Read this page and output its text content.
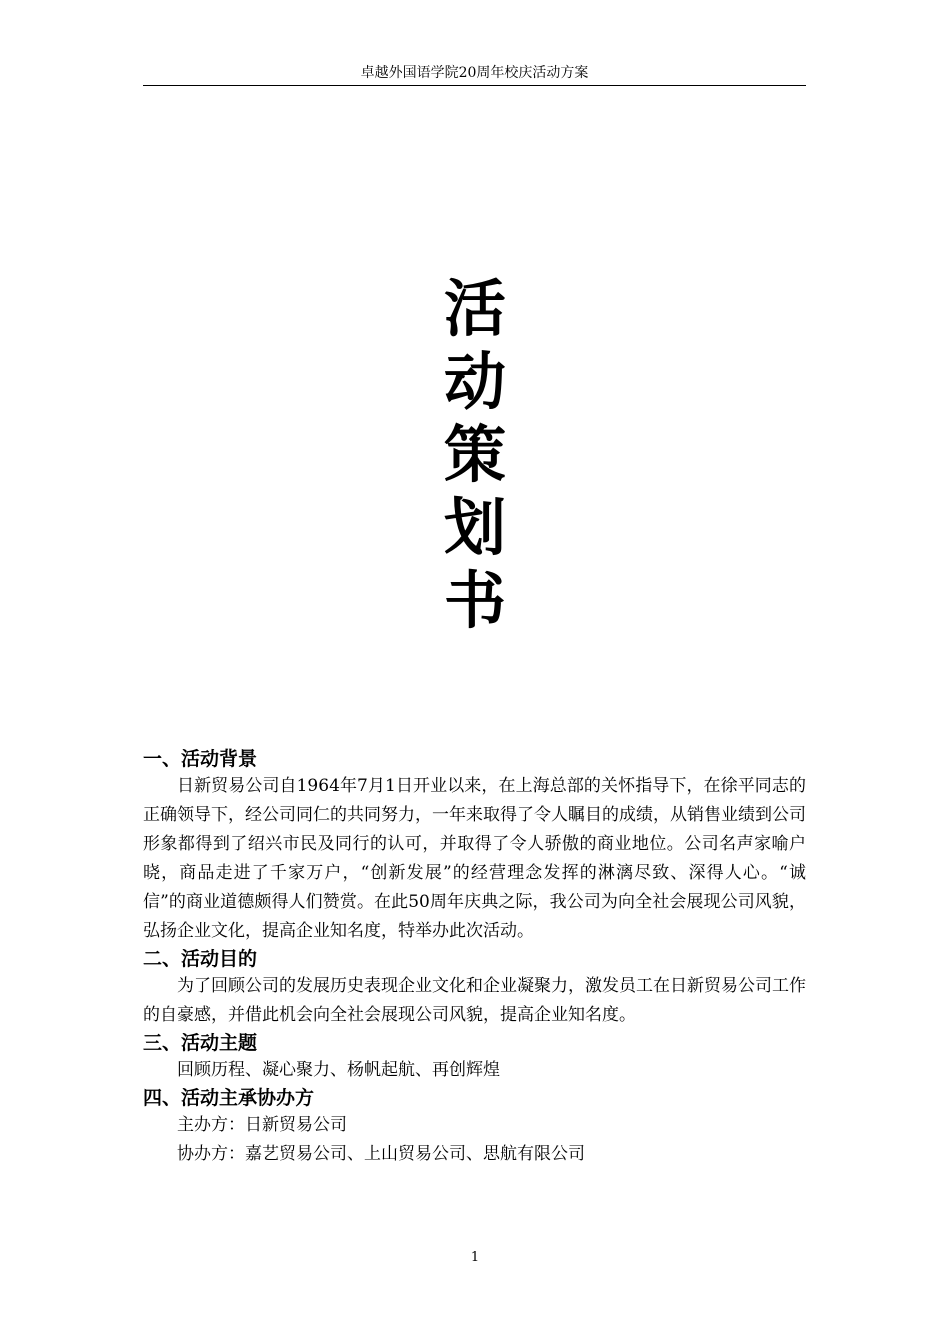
卓越外国语学院20周年校庆活动方案
活
动
策
划
书
一、活动背景

日新贸易公司自1964年7月1日开业以来，在上海总部的关怀指导下，在徐平同志的正确领导下，经公司同仁的共同努力，一年来取得了令人瞩目的成绩，从销售业绩到公司形象都得到了绍兴市民及同行的认可，并取得了令人骄傲的商业地位。公司名声家喻户晓，商品走进了千家万户，“创新发展”的经营理念发挥的淋漓尽致、深得人心。“诚信”的商业道德颇得人们赞赏。在此50周年庆典之际，我公司为向全社会展现公司风貌，弘扬企业文化，提高企业知名度，特举办此次活动。

二、活动目的

为了回顾公司的发展历史表现企业文化和企业凝聚力，激发员工在日新贸易公司工作的自豪感，并借此机会向全社会展现公司风貌，提高企业知名度。

三、活动主题

回顾历程、凝心聚力、杨帆起航、再创辉煌

四、活动主承协办方

主办方：日新贸易公司

协办方：嘉艺贸易公司、上山贸易公司、思航有限公司

1
